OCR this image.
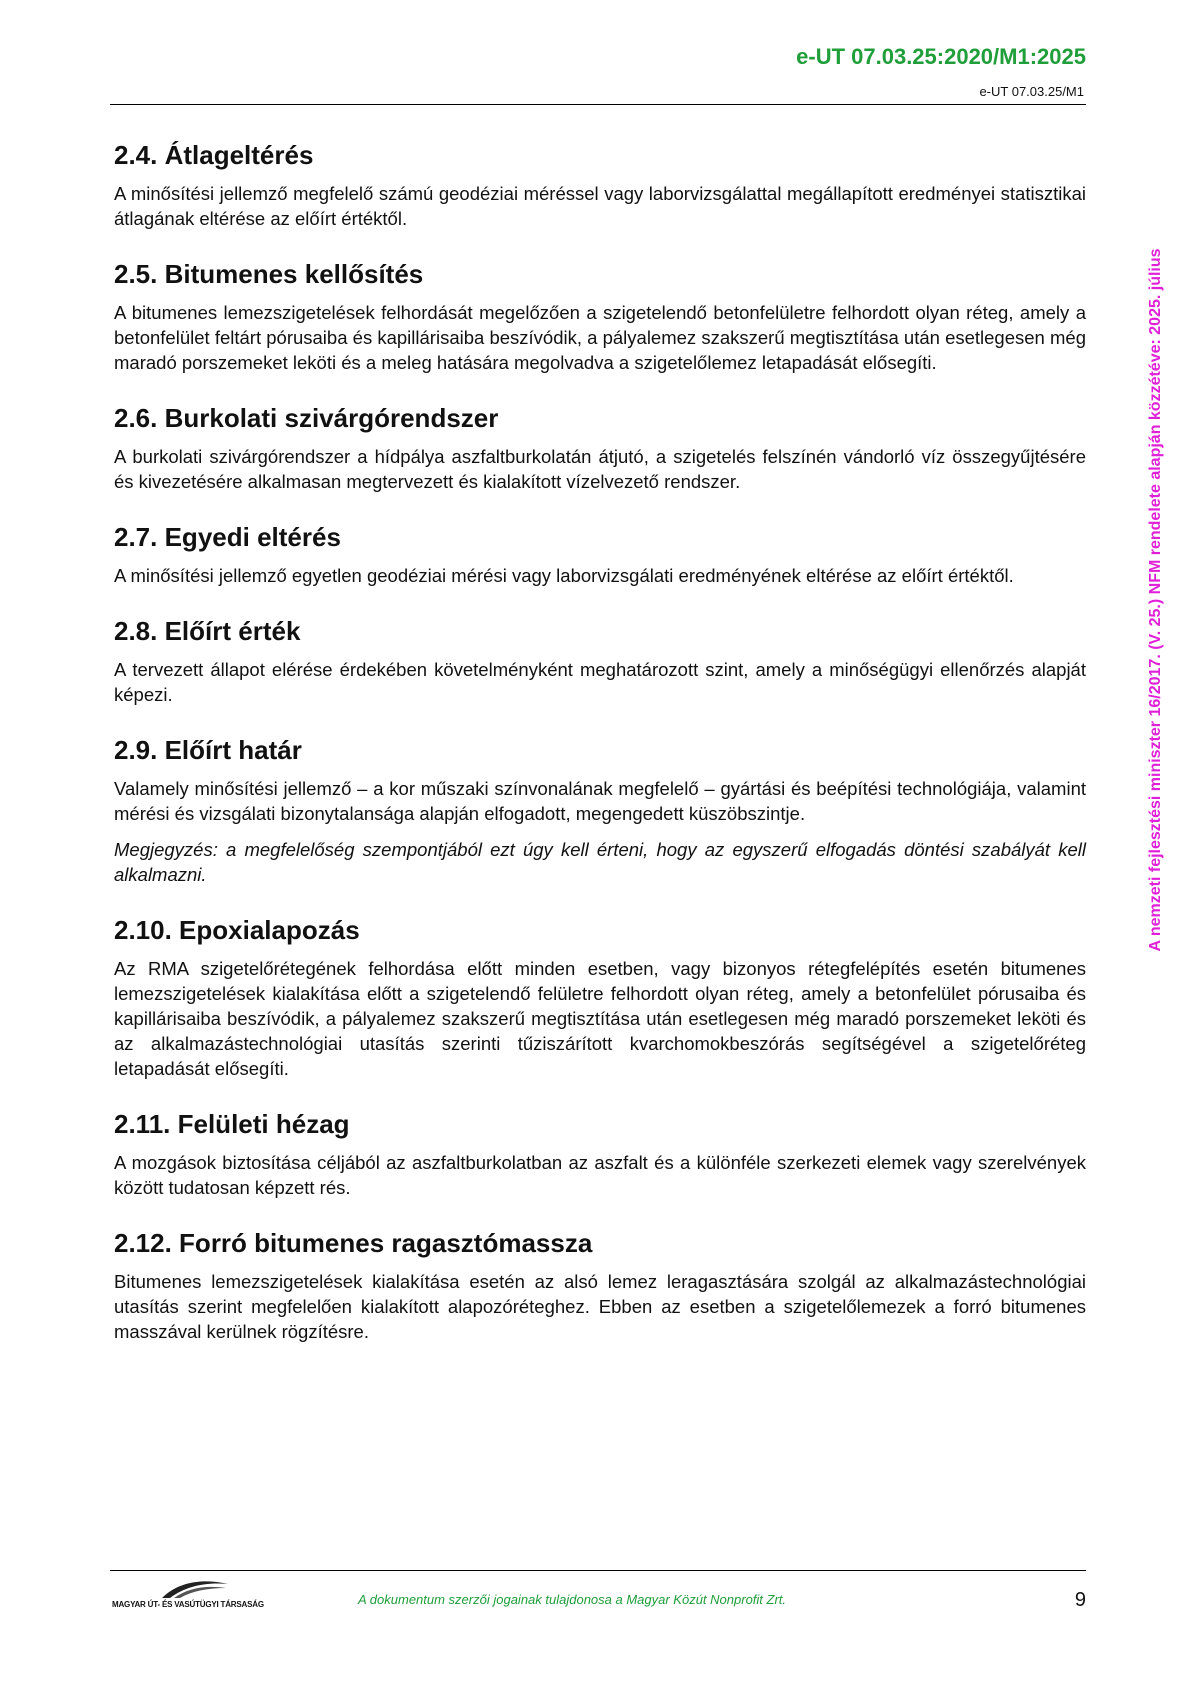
e-UT 07.03.25:2020/M1:2025
e-UT 07.03.25/M1
A nemzeti fejlesztési miniszter 16/2017. (V. 25.) NFM rendelete alapján közzétéve: 2025. július
2.4. Átlageltérés

A minősítési jellemző megfelelő számú geodéziai méréssel vagy laborvizsgálattal megállapított eredményei statisztikai átlagának eltérése az előírt értéktől.

2.5. Bitumenes kellősítés

A bitumenes lemezszigetelések felhordását megelőzően a szigetelendő betonfelületre felhordott olyan réteg, amely a betonfelület feltárt pórusaiba és kapillárisaiba beszívódik, a pályalemez szakszerű megtisztítása után esetlegesen még maradó porszemeket leköti és a meleg hatására megolvadva a szigetelőlemez letapadását elősegíti.

2.6. Burkolati szivárgórendszer

A burkolati szivárgórendszer a hídpálya aszfaltburkolatán átjutó, a szigetelés felszínén vándorló víz összegyűjtésére és kivezetésére alkalmasan megtervezett és kialakított vízelvezető rendszer.

2.7. Egyedi eltérés

A minősítési jellemző egyetlen geodéziai mérési vagy laborvizsgálati eredményének eltérése az előírt értéktől.

2.8. Előírt érték

A tervezett állapot elérése érdekében követelményként meghatározott szint, amely a minőségügyi ellenőrzés alapját képezi.

2.9. Előírt határ

Valamely minősítési jellemző – a kor műszaki színvonalának megfelelő – gyártási és beépítési technológiája, valamint mérési és vizsgálati bizonytalansága alapján elfogadott, megengedett küszöbszintje.

Megjegyzés: a megfelelőség szempontjából ezt úgy kell érteni, hogy az egyszerű elfogadás döntési szabályát kell alkalmazni.

2.10. Epoxialapozás

Az RMA szigetelőrétegének felhordása előtt minden esetben, vagy bizonyos rétegfelépítés esetén bitumenes lemezszigetelések kialakítása előtt a szigetelendő felületre felhordott olyan réteg, amely a betonfelület pórusaiba és kapillárisaiba beszívódik, a pályalemez szakszerű megtisztítása után esetlegesen még maradó porszemeket leköti és az alkalmazástechnológiai utasítás szerinti tűziszárított kvarchomokbeszórás segítségével a szigetelőréteg letapadását elősegíti.

2.11. Felületi hézag

A mozgások biztosítása céljából az aszfaltburkolatban az aszfalt és a különféle szerkezeti elemek vagy szerelvények között tudatosan képzett rés.

2.12. Forró bitumenes ragasztómassza

Bitumenes lemezszigetelések kialakítása esetén az alsó lemez leragasztására szolgál az alkalmazástechnológiai utasítás szerint megfelelően kialakított alapozóréteghez. Ebben az esetben a szigetelőlemezek a forró bitumenes masszával kerülnek rögzítésre.

MAGYAR ÚT- ÉS VASÚTÜGYI TÁRSASÁG	A dokumentum szerzői jogainak tulajdonosa a Magyar Közút Nonprofit Zrt.	9
